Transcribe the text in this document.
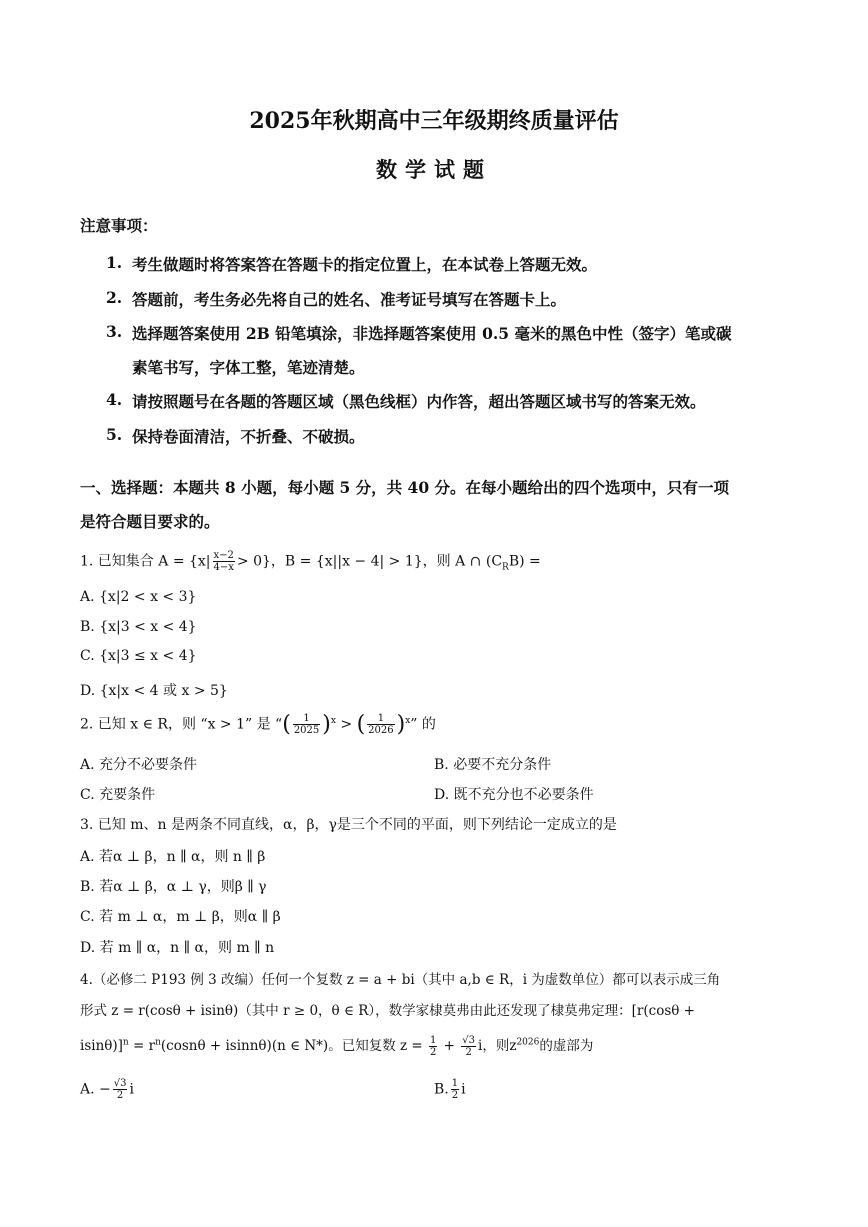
2025年秋期高中三年级期终质量评估
数学试题
注意事项：
1. 考生做题时将答案答在答题卡的指定位置上，在本试卷上答题无效。
2. 答题前，考生务必先将自己的姓名、准考证号填写在答题卡上。
3. 选择题答案使用 2B 铅笔填涂，非选择题答案使用 0.5 毫米的黑色中性（签字）笔或碳
素笔书写，字体工整，笔迹清楚。
4. 请按照题号在各题的答题区域（黑色线框）内作答，超出答题区域书写的答案无效。
5. 保持卷面清洁，不折叠、不破损。
一、选择题：本题共 8 小题，每小题 5 分，共 40 分。在每小题给出的四个选项中，只有一项
是符合题目要求的。
1. 已知集合 $A = \{x| \frac{x-2}{4-x} > 0\}$，B = {x||x − 4| > 1}，则 A ∩ $(C_RB)$ =
A. {x|2 < x < 3}
B. {x|3 < x < 4}
C. {x|3 ≤ x < 4}
D. {x|x < 4 或 x > 5}
2. 已知 x ∈ R，则 “x > 1” 是 “( $\frac{1}{2025} )^x$ > ( $\frac{1}{2026} )^x$” 的
A. 充分不必要条件	B. 必要不充分条件
C. 充要条件	D. 既不充分也不必要条件
3. 已知 m、n 是两条不同直线，α，β，γ是三个不同的平面，则下列结论一定成立的是
A. 若α ⊥ β，n ∥ α，则 n ∥ β
B. 若α ⊥ β，α ⊥ γ，则β ∥ γ
C. 若 m ⊥ α，m ⊥ β，则α ∥ β
D. 若 m ∥ α，n ∥ α，则 m ∥ n
4.（必修二 P193 例 3 改编）任何一个复数 z = a + bi（其中 a,b ∈ R，i 为虚数单位）都可以表示成三角
形式 z = r(cosθ + isinθ)（其中 r ≥ 0，θ ∈ R），数学家棣莫弗由此还发现了棣莫弗定理：[r(cosθ +
$isin\theta)]^n = r^n(\cos n\theta + isinn\theta)(n$ ∈ N*)。已知复数 $z = \frac{1}{2} + \frac{√3}{2}$ i，则$z^{2026}$的虚部为
A. − $\frac{√3}{2}$ i	B. $\frac{1}{2}$ i
